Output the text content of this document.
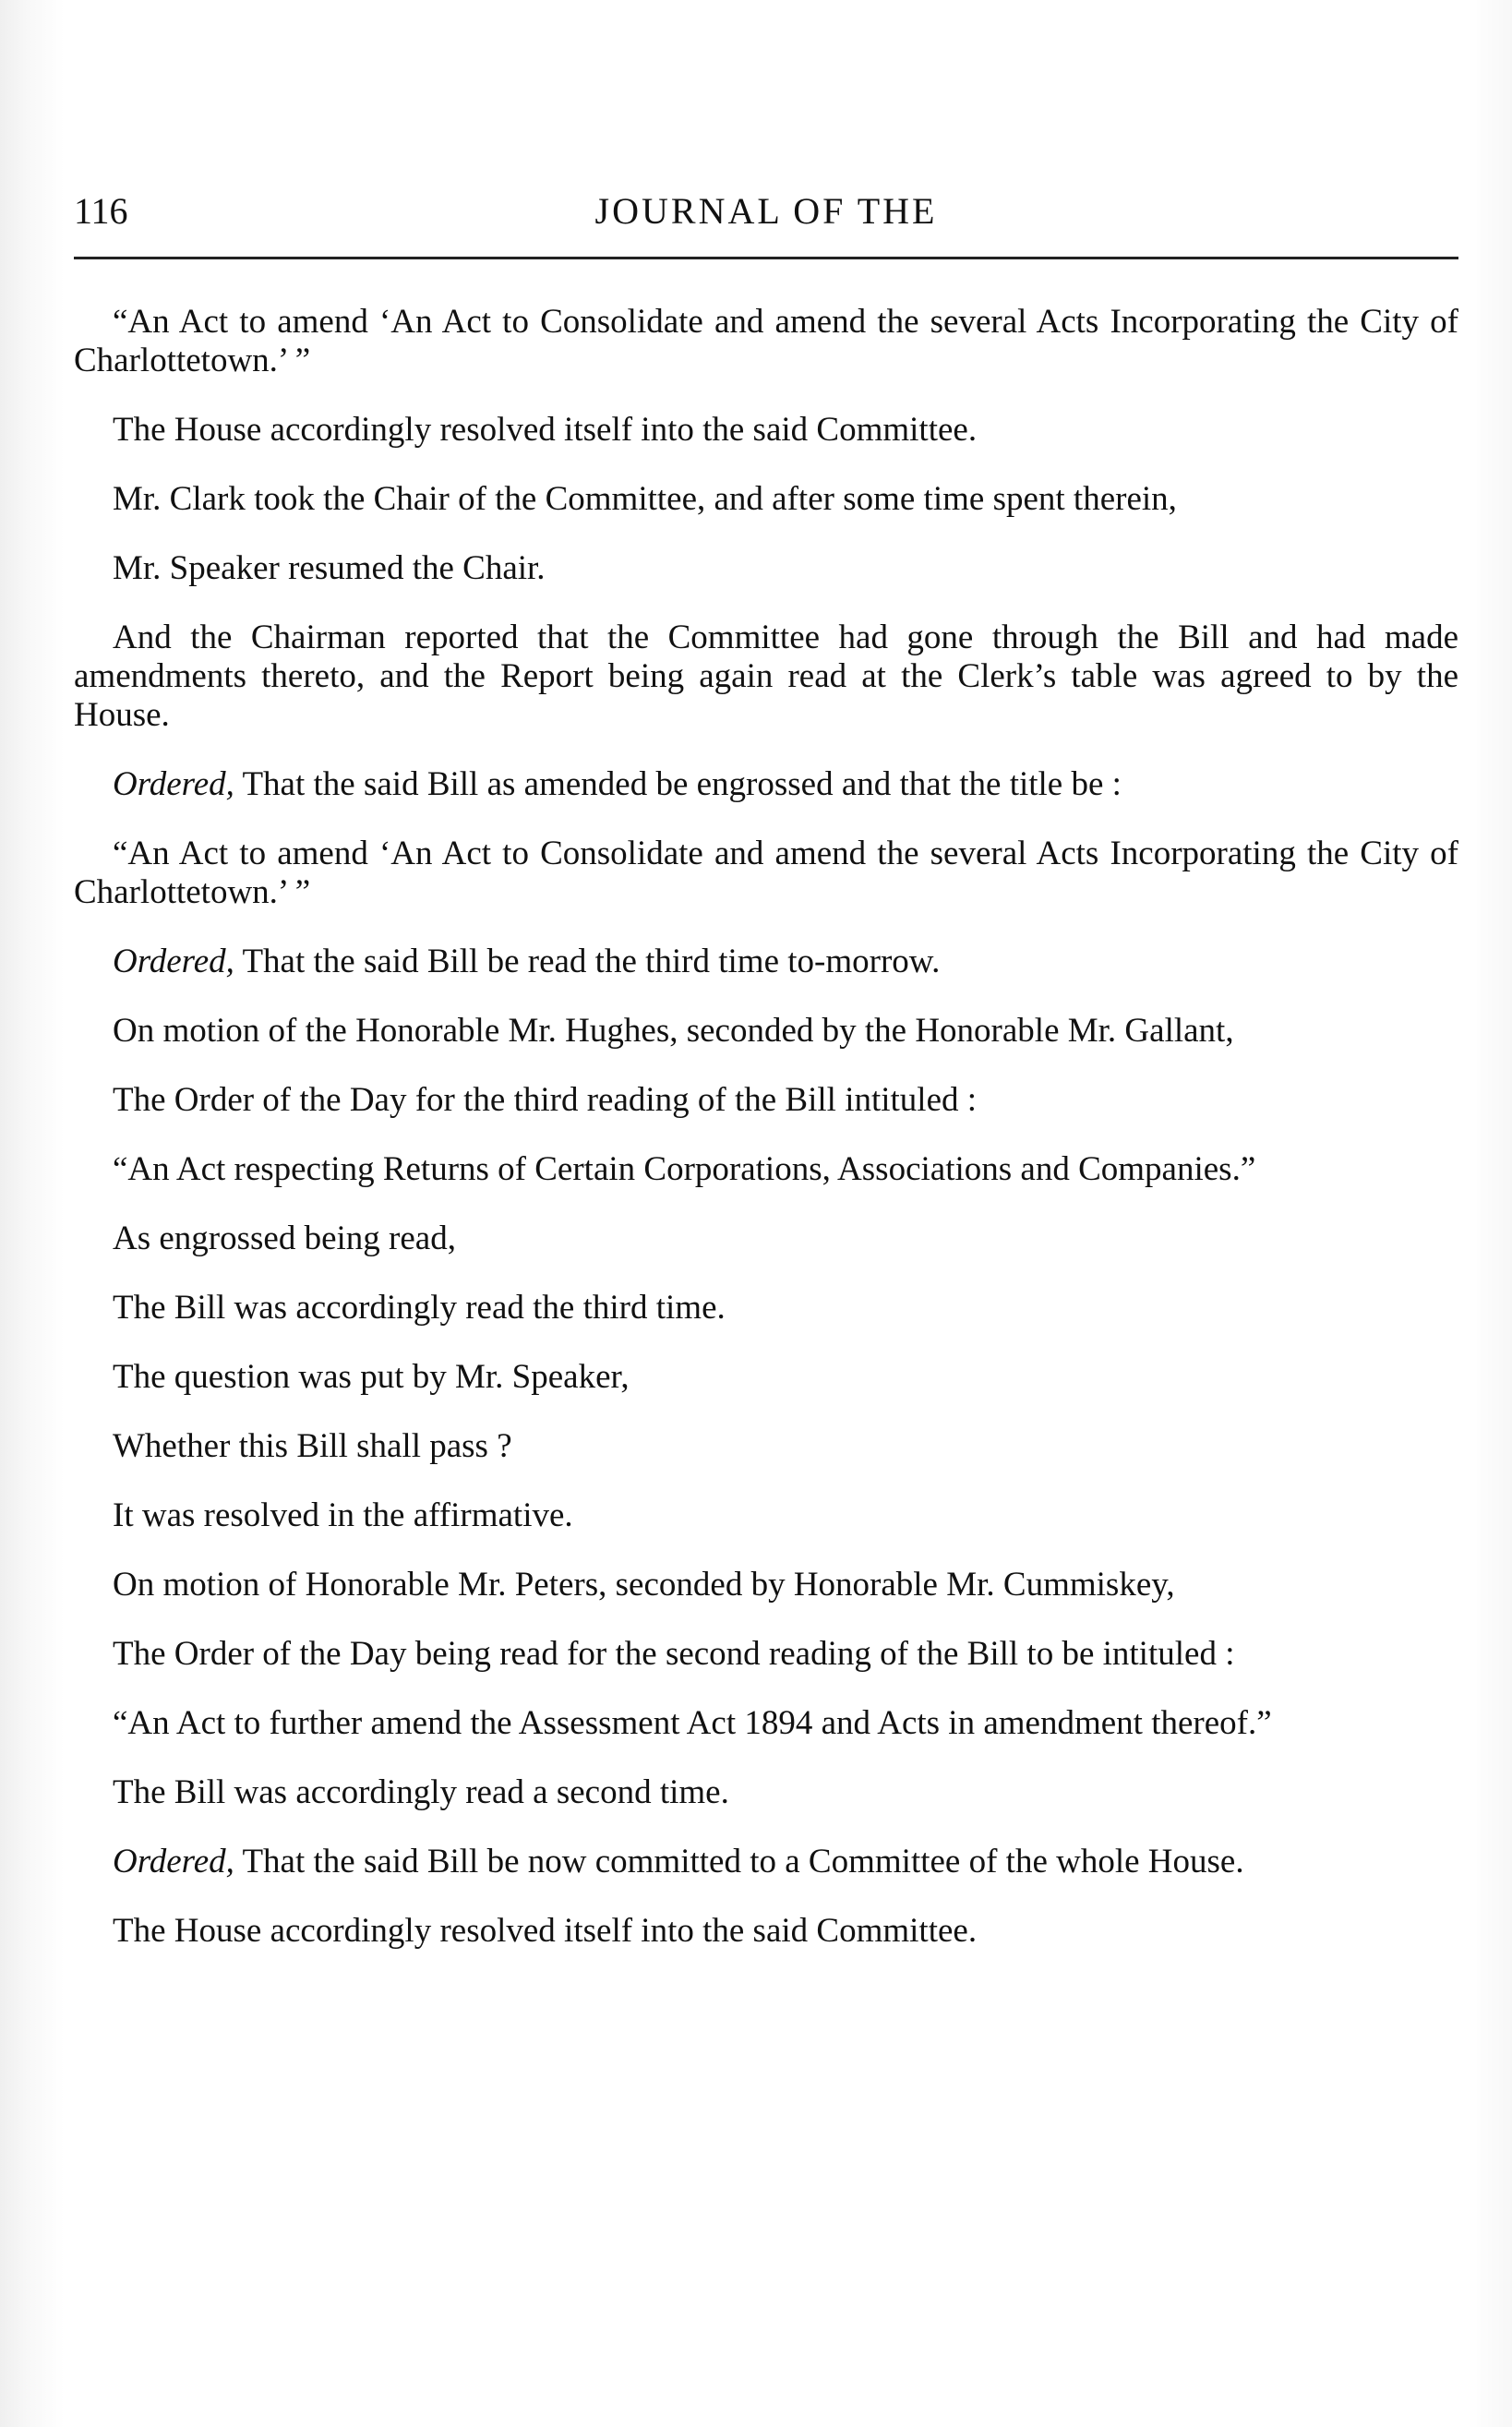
116	JOURNAL OF THE

“An Act to amend ‘An Act to Consolidate and amend the several Acts Incorporating the City of Charlottetown.’ ”

The House accordingly resolved itself into the said Committee.

Mr. Clark took the Chair of the Committee, and after some time spent therein,

Mr. Speaker resumed the Chair.

And the Chairman reported that the Committee had gone through the Bill and had made amendments thereto, and the Report being again read at the Clerk’s table was agreed to by the House.

Ordered, That the said Bill as amended be engrossed and that the title be :

“An Act to amend ‘An Act to Consolidate and amend the several Acts Incorporating the City of Charlottetown.’ ”

Ordered, That the said Bill be read the third time to-morrow.

On motion of the Honorable Mr. Hughes, seconded by the Honorable Mr. Gallant,

The Order of the Day for the third reading of the Bill intituled :

“An Act respecting Returns of Certain Corporations, Associations and Companies.”

As engrossed being read,

The Bill was accordingly read the third time.

The question was put by Mr. Speaker,

Whether this Bill shall pass ?

It was resolved in the affirmative.

On motion of Honorable Mr. Peters, seconded by Honorable Mr. Cummiskey,

The Order of the Day being read for the second reading of the Bill to be intituled :

“An Act to further amend the Assessment Act 1894 and Acts in amendment thereof.”

The Bill was accordingly read a second time.

Ordered, That the said Bill be now committed to a Committee of the whole House.

The House accordingly resolved itself into the said Committee.
